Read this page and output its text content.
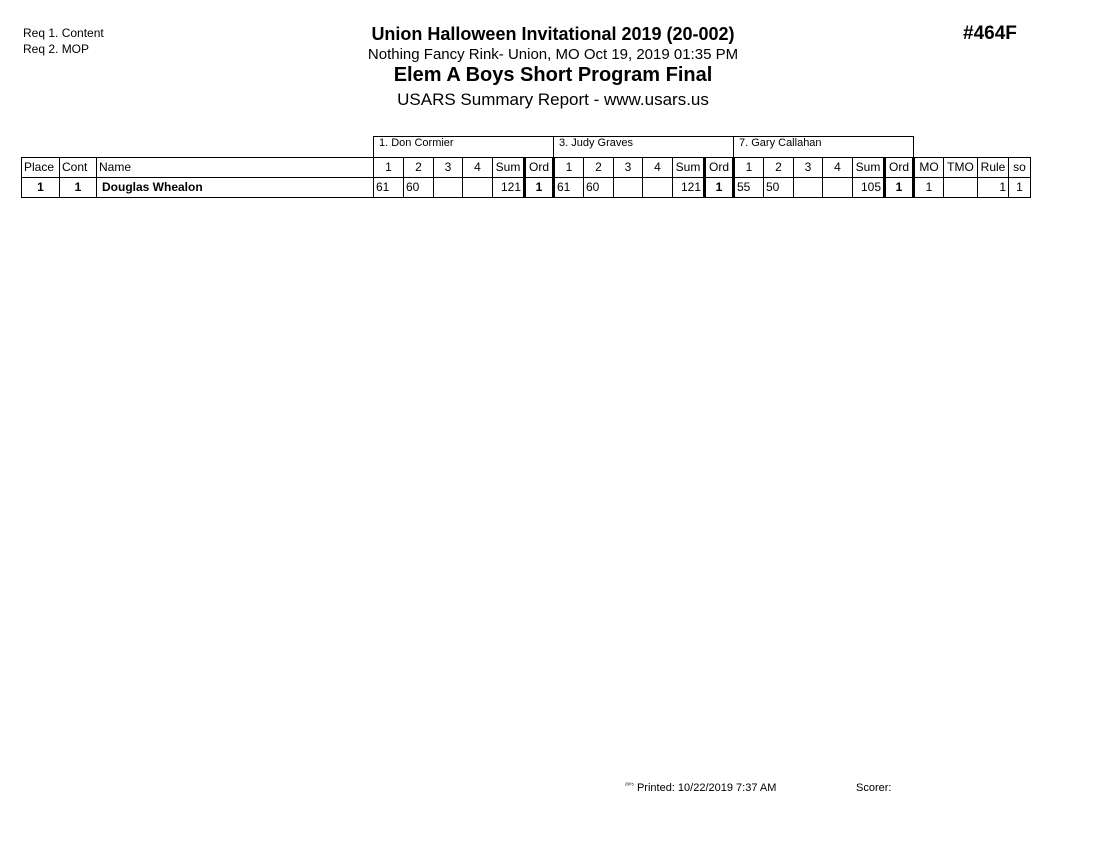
Req 1. Content
Req 2. MOP
Union Halloween Invitational 2019 (20-002)
Nothing Fancy Rink- Union, MO Oct 19, 2019 01:35 PM
Elem A Boys Short Program Final
USARS Summary Report - www.usars.us
#464F
			1. Don Cormier						3. Judy Graves						7. Gary Callahan									
Place	Cont	Name	1	2	3	4	Sum	Ord	1	2	3	4	Sum	Ord	1	2	3	4	Sum	Ord	MO	TMO	Rule	so
1	1	Douglas Whealon	61	60			121	1	61	60			121	1	55	50			105	1	1		1	1
$^{^{2305}}$ Printed: 10/22/2019 7:37 AM	Scorer:
